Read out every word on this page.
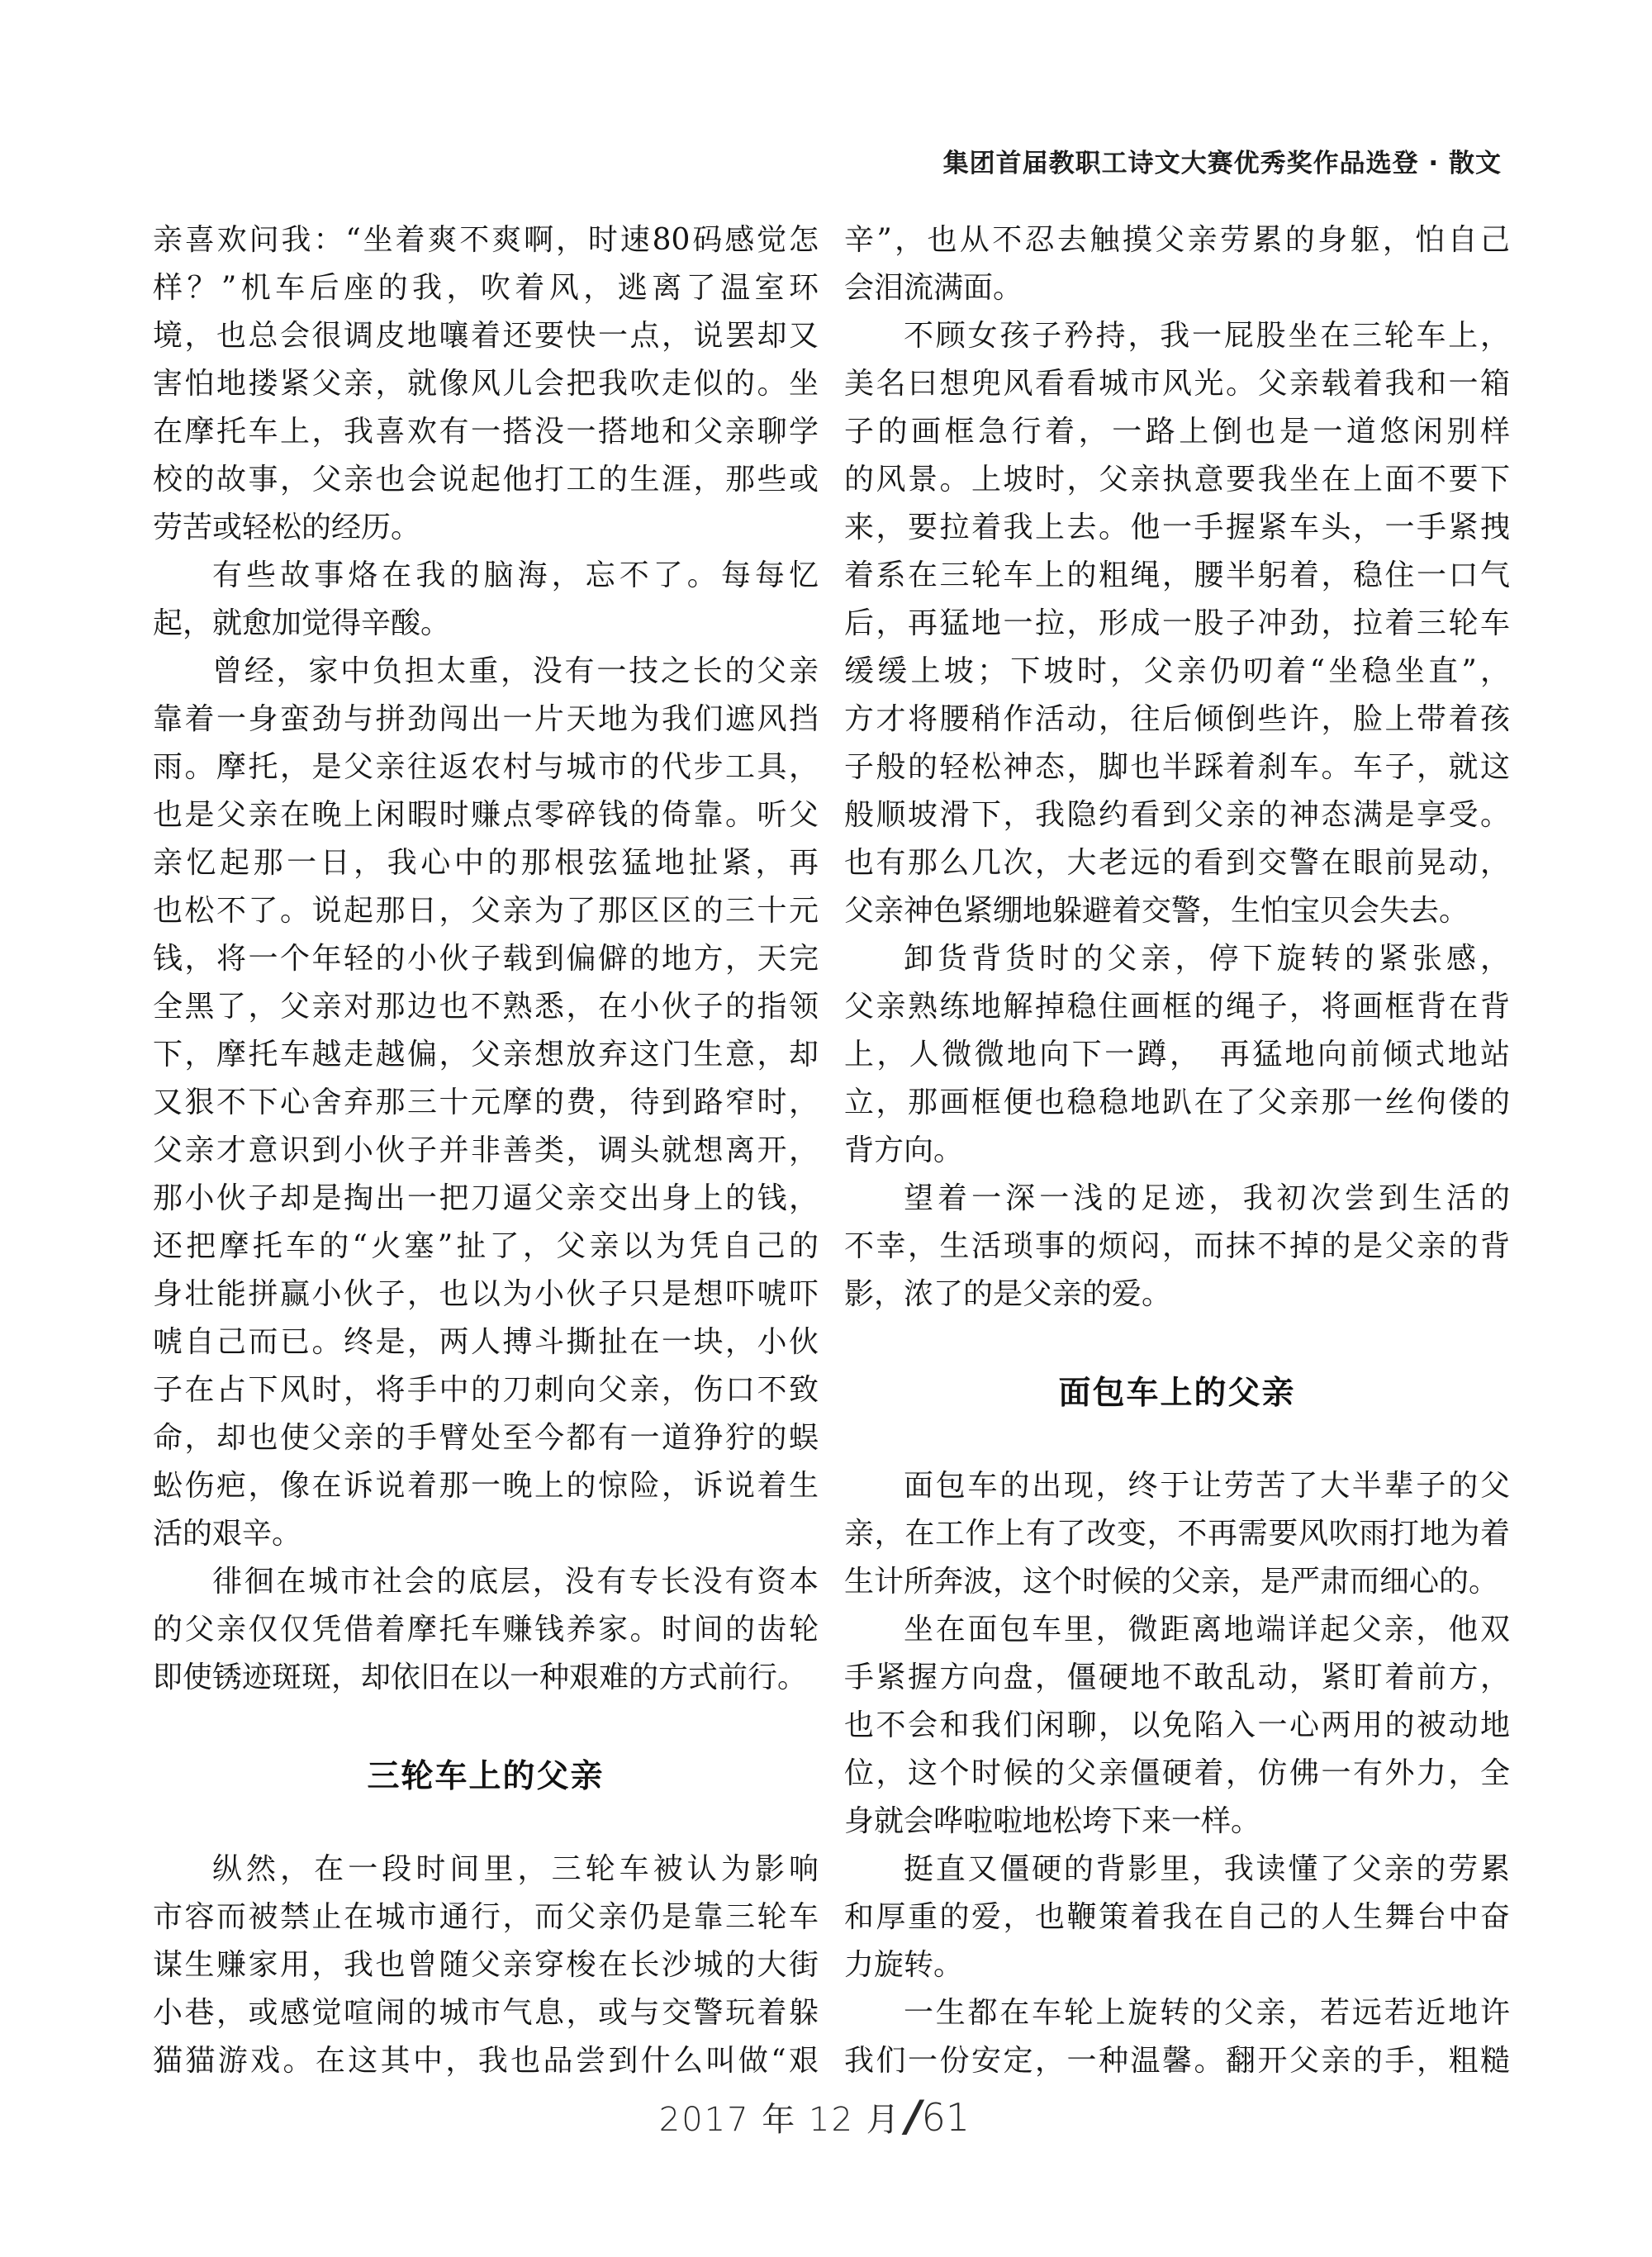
集团首届教职工诗文大赛优秀奖作品选登 · 散文
亲喜欢问我：“坐着爽不爽啊，时速80码感觉怎
样？”机车后座的我，吹着风，逃离了温室环
境，也总会很调皮地嚷着还要快一点，说罢却又
害怕地搂紧父亲，就像风儿会把我吹走似的。坐
在摩托车上，我喜欢有一搭没一搭地和父亲聊学
校的故事，父亲也会说起他打工的生涯，那些或
劳苦或轻松的经历。
有些故事烙在我的脑海，忘不了。每每忆
起，就愈加觉得辛酸。
曾经，家中负担太重，没有一技之长的父亲
靠着一身蛮劲与拼劲闯出一片天地为我们遮风挡
雨。摩托，是父亲往返农村与城市的代步工具，
也是父亲在晚上闲暇时赚点零碎钱的倚靠。听父
亲忆起那一日，我心中的那根弦猛地扯紧，再
也松不了。说起那日，父亲为了那区区的三十元
钱，将一个年轻的小伙子载到偏僻的地方，天完
全黑了，父亲对那边也不熟悉，在小伙子的指领
下，摩托车越走越偏，父亲想放弃这门生意，却
又狠不下心舍弃那三十元摩的费，待到路窄时，
父亲才意识到小伙子并非善类，调头就想离开，
那小伙子却是掏出一把刀逼父亲交出身上的钱，
还把摩托车的“火塞”扯了，父亲以为凭自己的
身壮能拼赢小伙子，也以为小伙子只是想吓唬吓
唬自己而已。终是，两人搏斗撕扯在一块，小伙
子在占下风时，将手中的刀刺向父亲，伤口不致
命，却也使父亲的手臂处至今都有一道狰狞的蜈
蚣伤疤，像在诉说着那一晚上的惊险，诉说着生
活的艰辛。
徘徊在城市社会的底层，没有专长没有资本
的父亲仅仅凭借着摩托车赚钱养家。时间的齿轮
即使锈迹斑斑，却依旧在以一种艰难的方式前行。
三轮车上的父亲
纵然，在一段时间里，三轮车被认为影响
市容而被禁止在城市通行，而父亲仍是靠三轮车
谋生赚家用，我也曾随父亲穿梭在长沙城的大街
小巷，或感觉喧闹的城市气息，或与交警玩着躲
猫猫游戏。在这其中，我也品尝到什么叫做“艰
辛”，也从不忍去触摸父亲劳累的身躯，怕自己
会泪流满面。
不顾女孩子矜持，我一屁股坐在三轮车上，
美名曰想兜风看看城市风光。父亲载着我和一箱
子的画框急行着，一路上倒也是一道悠闲别样
的风景。上坡时，父亲执意要我坐在上面不要下
来，要拉着我上去。他一手握紧车头，一手紧拽
着系在三轮车上的粗绳，腰半躬着，稳住一口气
后，再猛地一拉，形成一股子冲劲，拉着三轮车
缓缓上坡；下坡时，父亲仍叨着“坐稳坐直”，
方才将腰稍作活动，往后倾倒些许，脸上带着孩
子般的轻松神态，脚也半踩着刹车。车子，就这
般顺坡滑下，我隐约看到父亲的神态满是享受。
也有那么几次，大老远的看到交警在眼前晃动，
父亲神色紧绷地躲避着交警，生怕宝贝会失去。
卸货背货时的父亲，停下旋转的紧张感，
父亲熟练地解掉稳住画框的绳子，将画框背在背
上，人微微地向下一蹲，　再猛地向前倾式地站
立，那画框便也稳稳地趴在了父亲那一丝佝偻的
背方向。
望着一深一浅的足迹，我初次尝到生活的
不幸，生活琐事的烦闷，而抹不掉的是父亲的背
影，浓了的是父亲的爱。
面包车上的父亲
面包车的出现，终于让劳苦了大半辈子的父
亲，在工作上有了改变，不再需要风吹雨打地为着
生计所奔波，这个时候的父亲，是严肃而细心的。
坐在面包车里，微距离地端详起父亲，他双
手紧握方向盘，僵硬地不敢乱动，紧盯着前方，
也不会和我们闲聊，以免陷入一心两用的被动地
位，这个时候的父亲僵硬着，仿佛一有外力，全
身就会哗啦啦地松垮下来一样。
挺直又僵硬的背影里，我读懂了父亲的劳累
和厚重的爱，也鞭策着我在自己的人生舞台中奋
力旋转。
一生都在车轮上旋转的父亲，若远若近地许
我们一份安定，一种温馨。翻开父亲的手，粗糙
2017 年 12 月 /61
